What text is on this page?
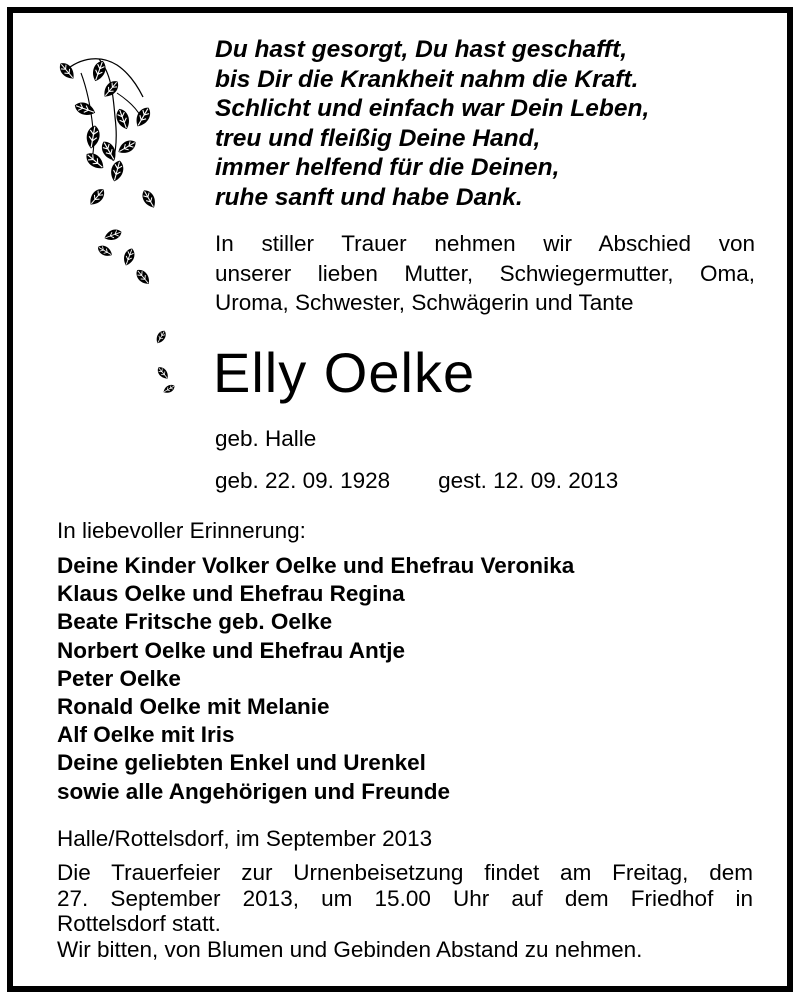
Du hast gesorgt, Du hast geschafft,
bis Dir die Krankheit nahm die Kraft.
Schlicht und einfach war Dein Leben,
treu und fleißig Deine Hand,
immer helfend für die Deinen,
ruhe sanft und habe Dank.
In stiller Trauer nehmen wir Abschied von
unserer lieben Mutter, Schwiegermutter, Oma,
Uroma, Schwester, Schwägerin und Tante
Elly Oelke
geb. Halle
geb. 22. 09. 1928 gest. 12. 09. 2013
In liebevoller Erinnerung:
Deine Kinder Volker Oelke und Ehefrau Veronika
Klaus Oelke und Ehefrau Regina
Beate Fritsche geb. Oelke
Norbert Oelke und Ehefrau Antje
Peter Oelke
Ronald Oelke mit Melanie
Alf Oelke mit Iris
Deine geliebten Enkel und Urenkel
sowie alle Angehörigen und Freunde
Halle/Rottelsdorf, im September 2013
Die Trauerfeier zur Urnenbeisetzung findet am Freitag, dem
27. September 2013, um 15.00 Uhr auf dem Friedhof in
Rottelsdorf statt.
Wir bitten, von Blumen und Gebinden Abstand zu nehmen.
